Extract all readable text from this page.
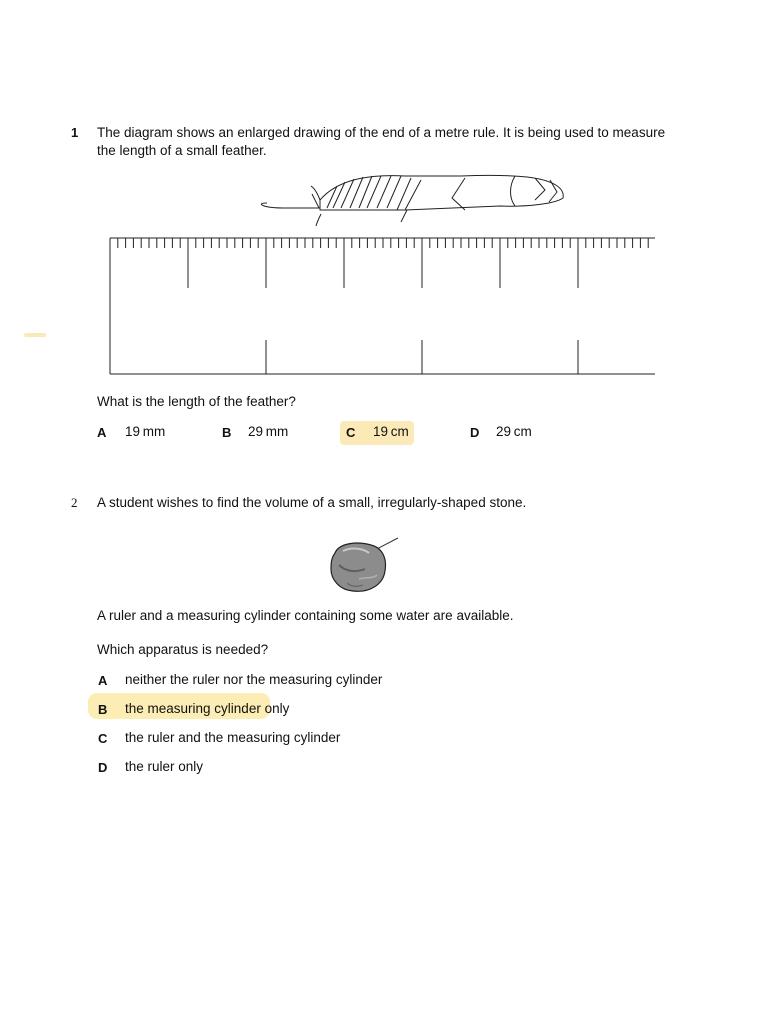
1 The diagram shows an enlarged drawing of the end of a metre rule. It is being used to measure
the length of a small feather.
What is the length of the feather?
A 19 mm	B 29 mm	C 19 cm	D 29 cm
2 A student wishes to find the volume of a small, irregularly-shaped stone.
A ruler and a measuring cylinder containing some water are available.
Which apparatus is needed?
A neither the ruler nor the measuring cylinder
B the measuring cylinder only
C the ruler and the measuring cylinder
D the ruler only
